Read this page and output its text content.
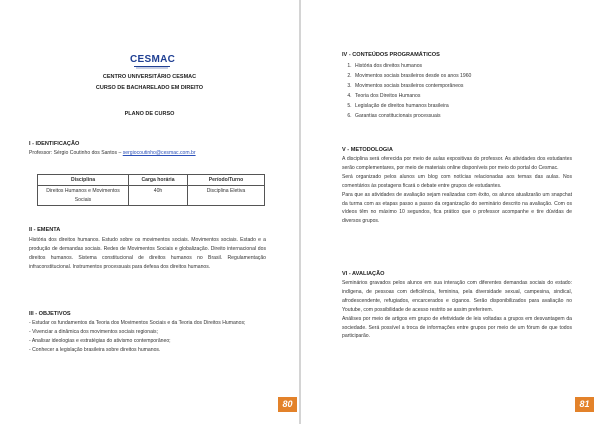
CESMAC
CENTRO UNIVERSITÁRIO CESMAC
CURSO DE BACHARELADO EM DIREITO
PLANO DE CURSO
I - IDENTIFICAÇÃO
Professor: Sérgio Coutinho dos Santos – sergiocoutinho@cesmac.com.br
Disciplina	Carga horária	Período/Turno
Direitos Humanos e Movimentos Sociais	40h	Disciplina Eletiva
II - EMENTA
História dos direitos humanos. Estudo sobre os movimentos sociais. Movimentos sociais. Estado e a produção de demandas sociais. Redes de Movimentos Sociais e globalização. Direito internacional dos direitos humanos. Sistema constitucional de direitos humanos no Brasil. Regulamentação infraconstitucional. Instrumentos processuais para defesa dos direitos humanos.
III - OBJETIVOS

- Estudar os fundamentos da Teoria dos Movimentos Sociais e da Teoria dos Direitos Humanos;

- Vivenciar a dinâmica dos movimentos sociais regionais;

- Analisar ideologias e estratégias do ativismo contemporâneo;

- Conhecer a legislação brasileira sobre direitos humanos.

80	81
IV - CONTEÚDOS PROGRAMÁTICOS
1. História dos direitos humanos
2. Movimentos sociais brasileiros desde os anos 1960
3. Movimentos sociais brasileiros contemporâneos
4. Teoria dos Direitos Humanos
5. Legislação de direitos humanos brasileira
6. Garantias constitucionais processuais
V - METODOLOGIA

A disciplina será oferecida por meio de aulas expositivas do professor. As atividades dos estudantes serão complementares, por meio de materiais online disponíveis por meio do portal do Cesmac.

Será organizado pelos alunos um blog com notícias relacionadas aos temas das aulas. Nos comentários às postagens ficará o debate entre grupos de estudantes.

Para que as atividades de avaliação sejam realizadas com êxito, os alunos atualizarão um snapchat da turma com as etapas passo a passo da organização do seminário descrito na avaliação. Com os vídeos têm no máximo 10 segundos, fica prático que o professor acompanhe e tire dúvidas de diversos grupos.

VI - AVALIAÇÃO

Seminários gravados pelos alunos em sua interação com diferentes demandas sociais do estado: indígena, de pessoas com deficiência, feminina, pela diversidade sexual, campesina, sindical, afrodescendente, refugiados, encarcerados e ciganos. Serão disponibilizados para avaliação no Youtube, com possibilidade de acesso restrito se assim preferirem.

Análises por meio de artigos em grupo de efetividade de leis voltadas a grupos em desvantagem da sociedade. Será possível a troca de informações entre grupos por meio de um fórum de que todos participarão.
